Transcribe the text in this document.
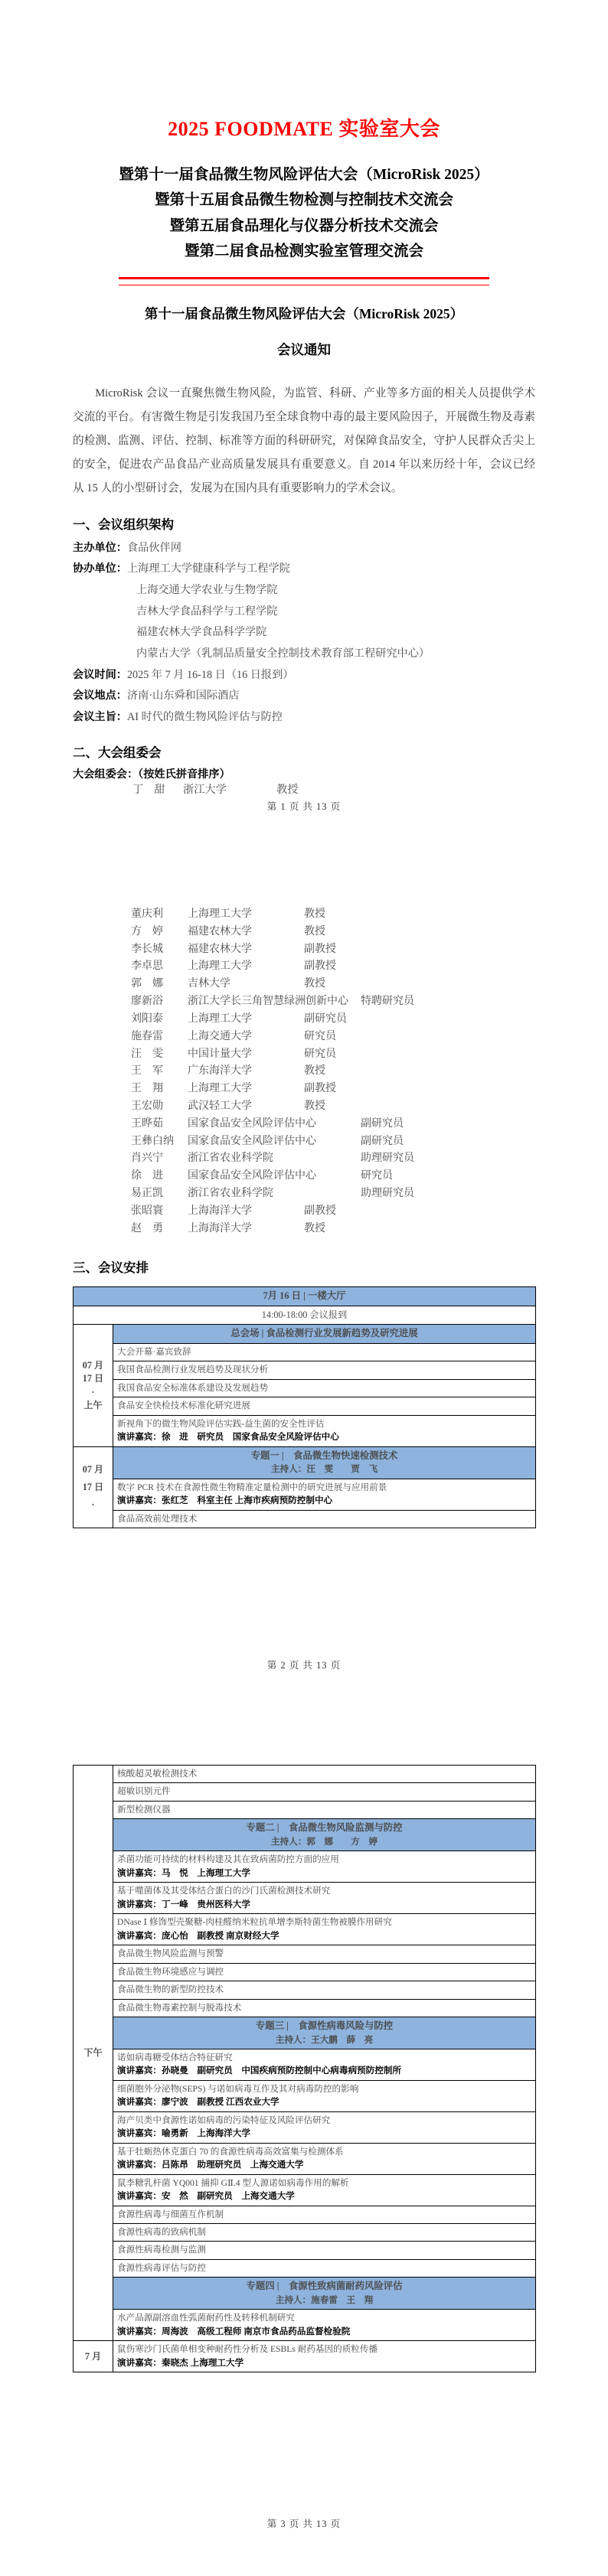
2025 FOODMATE 实验室大会
暨第十一届食品微生物风险评估大会（MicroRisk 2025）
暨第十五届食品微生物检测与控制技术交流会
暨第五届食品理化与仪器分析技术交流会
暨第二届食品检测实验室管理交流会
第十一届食品微生物风险评估大会（MicroRisk 2025）
会议通知
MicroRisk 会议一直聚焦微生物风险，为监管、科研、产业等多方面的相关人员提供学术交流的平台。有害微生物是引发我国乃至全球食物中毒的最主要风险因子，开展微生物及毒素的检测、监测、评估、控制、标准等方面的科研研究，对保障食品安全，守护人民群众舌尖上的安全，促进农产品食品产业高质量发展具有重要意义。自 2014 年以来历经十年，会议已经从 15 人的小型研讨会，发展为在国内具有重要影响力的学术会议。
一、会议组织架构
主办单位： 食品伙伴网
协办单位： 上海理工大学健康科学与工程学院
上海交通大学农业与生物学院
吉林大学食品科学与工程学院
福建农林大学食品科学学院
内蒙古大学（乳制品质量安全控制技术教育部工程研究中心）
会议时间： 2025 年 7 月 16-18 日（16 日报到）
会议地点： 济南·山东舜和国际酒店
会议主旨： AI 时代的微生物风险评估与防控
二、大会组委会
大会组委会：（按姓氏拼音排序）
丁　甜 浙江大学	教授
第 1 页 共 13 页
董庆利	上海理工大学	教授
方　婷	福建农林大学	教授
李长城	福建农林大学	副教授
李卓思	上海理工大学	副教授
郭　娜	吉林大学	教授
廖新浴	浙江大学长三角智慧绿洲创新中心	特聘研究员
刘阳泰	上海理工大学	副研究员
施春雷	上海交通大学	研究员
汪　雯	中国计量大学	研究员
王　军	广东海洋大学	教授
王　翔	上海理工大学	副教授
王宏勋	武汉轻工大学	教授
王晔茹	国家食品安全风险评估中心	副研究员
王彝白纳	国家食品安全风险评估中心	副研究员
肖兴宁	浙江省农业科学院	助理研究员
徐　进	国家食品安全风险评估中心	研究员
易正凯	浙江省农业科学院	助理研究员
张昭寰	上海海洋大学	副教授
赵　勇	上海海洋大学	教授
三、会议安排
7月 16 日 | 一楼大厅	
14:00-18:00 会议报到	

07 月
17 日
·
上午	总会场 | 食品检测行业发展新趋势及研究进展

	大会开幕·嘉宾致辞

	我国食品检测行业发展趋势及现状分析

	我国食品安全标准体系建设及发展趋势

	食品安全快检技术标准化研究进展

	新视角下的微生物风险评估实践-益生菌的安全性评估
演讲嘉宾：徐　进　研究员　国家食品安全风险评估中心

07 月
17 日
·
	专题一 |　食品微生物快速检测技术
主持人：汪　雯　　贾　飞

	数字 PCR 技术在食源性微生物精准定量检测中的研究进展与应用前景
演讲嘉宾：张红芝　科室主任 上海市疾病预防控制中心

	食品高效前处理技术
第 2 页 共 13 页
下午	核酸超灵敏检测技术

	超敏识别元件

	新型检测仪器

	专题二 |　食品微生物风险监测与防控
主持人：郭　娜　　方　婷

	杀菌功能可持续的材料构建及其在致病菌防控方面的应用
演讲嘉宾：马　悦　上海理工大学

	基于噬菌体及其受体结合蛋白的沙门氏菌检测技术研究
演讲嘉宾：丁一峰　贵州医科大学

	DNase Ⅰ 修饰型壳聚糖-肉桂醛纳米粒抗单增李斯特菌生物被膜作用研究
演讲嘉宾：庞心怡　副教授 南京财经大学

	食品微生物风险监测与预警

	食品微生物环境感应与调控

	食品微生物的新型防控技术

	食品微生物毒素控制与脱毒技术

	专题三 |　食源性病毒风险与防控
主持人：王大鹏　薛　亮

	诺如病毒糖受体结合特征研究
演讲嘉宾：孙晓曼　副研究员　中国疾病预防控制中心病毒病预防控制所

	细菌胞外分泌物(SEPS) 与诺如病毒互作及其对病毒防控的影响
演讲嘉宾：廖宁波　副教授 江西农业大学

	海产贝类中食源性诺如病毒的污染特征及风险评估研究
演讲嘉宾：喻勇新　上海海洋大学

	基于牡蛎热休克蛋白 70 的食源性病毒高效富集与检测体系
演讲嘉宾：吕陈昂　助理研究员　上海交通大学

	鼠李糖乳杆菌 YQ001 捕抑 GⅡ.4 型人源诺如病毒作用的解析
演讲嘉宾：安　然　副研究员　上海交通大学

	食源性病毒与细菌互作机制

	食源性病毒的致病机制

	食源性病毒检测与监测

	食源性病毒评估与防控

	专题四 |　食源性致病菌耐药风险评估
主持人：施春雷　王　翔

	水产品源副溶血性弧菌耐药性及转移机制研究
演讲嘉宾：周海波　高级工程师 南京市食品药品监督检验院

7 月	鼠伤寒沙门氏菌单相变种耐药性分析及 ESBLs 耐药基因的质粒传播
演讲嘉宾：秦晓杰 上海理工大学
第 3 页 共 13 页
